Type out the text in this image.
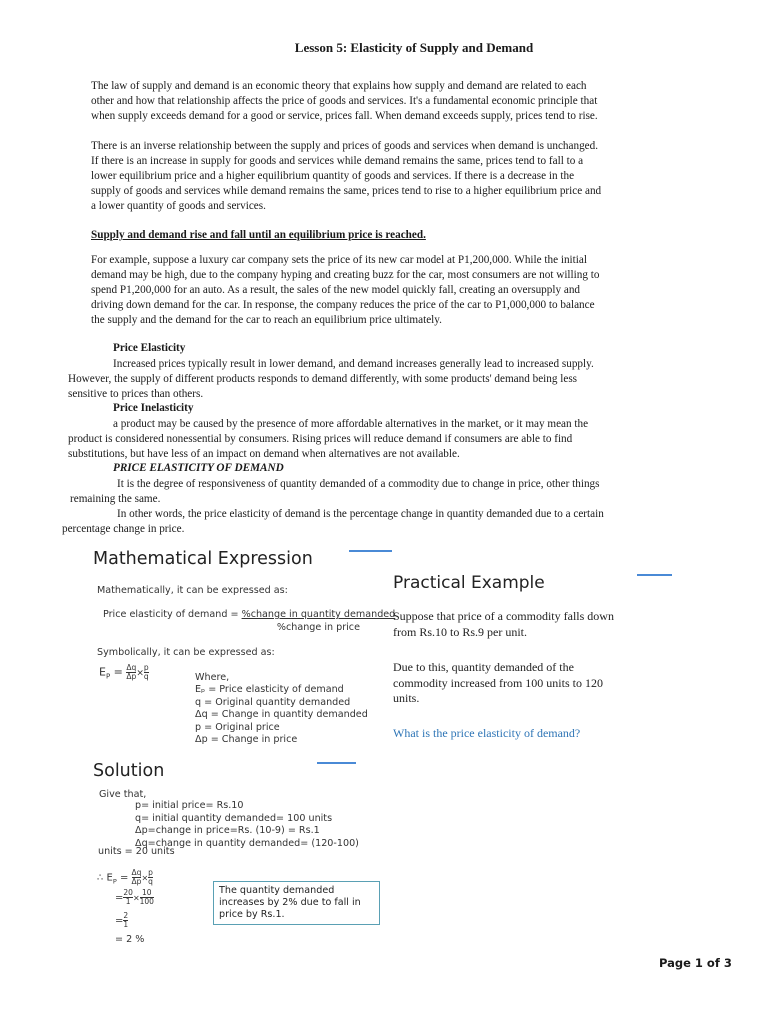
Lesson 5: Elasticity of Supply and Demand
The law of supply and demand is an economic theory that explains how supply and demand are related to each
other and how that relationship affects the price of goods and services. It's a fundamental economic principle that
when supply exceeds demand for a good or service, prices fall. When demand exceeds supply, prices tend to rise.
There is an inverse relationship between the supply and prices of goods and services when demand is unchanged.
If there is an increase in supply for goods and services while demand remains the same, prices tend to fall to a
lower equilibrium price and a higher equilibrium quantity of goods and services. If there is a decrease in the
supply of goods and services while demand remains the same, prices tend to rise to a higher equilibrium price and
a lower quantity of goods and services.
Supply and demand rise and fall until an equilibrium price is reached.
For example, suppose a luxury car company sets the price of its new car model at P1,200,000. While the initial
demand may be high, due to the company hyping and creating buzz for the car, most consumers are not willing to
spend P1,200,000 for an auto. As a result, the sales of the new model quickly fall, creating an oversupply and
driving down demand for the car. In response, the company reduces the price of the car to P1,000,000 to balance
the supply and the demand for the car to reach an equilibrium price ultimately.
Price Elasticity
Increased prices typically result in lower demand, and demand increases generally lead to increased supply.
However, the supply of different products responds to demand differently, with some products' demand being less
sensitive to prices than others.
Price Inelasticity
a product may be caused by the presence of more affordable alternatives in the market, or it may mean the
product is considered nonessential by consumers. Rising prices will reduce demand if consumers are able to find
substitutions, but have less of an impact on demand when alternatives are not available.
PRICE ELASTICITY OF DEMAND
It is the degree of responsiveness of quantity demanded of a commodity due to change in price, other things
remaining the same.
In other words, the price elasticity of demand is the percentage change in quantity demanded due to a certain
percentage change in price.
Mathematical Expression
Mathematically, it can be expressed as:
Price elasticity of demand = %change in quantity demanded
%change in price
Symbolically, it can be expressed as:
$E_P = \frac{\Delta q}{\Delta p} \times \frac{p}{q}$	Where,
Eₚ = Price elasticity of demand
q = Original quantity demanded
Δq = Change in quantity demanded
p = Original price
Δp = Change in price
Practical Example
Suppose that price of a commodity falls down
from Rs.10 to Rs.9 per unit.
Due to this, quantity demanded of the
commodity increased from 100 units to 120
units.
What is the price elasticity of demand?
Solution
Give that,
p= initial price= Rs.10
q= initial quantity demanded= 100 units
Δp=change in price=Rs. (10-9) = Rs.1
Δq=change in quantity demanded= (120-100)
units = 20 units
∴ $E_P = \frac{\Delta q}{\Delta p} \times \frac{p}{q}$
= $\frac{20}{1} \times \frac{10}{100}$
= $\frac{2}{1}$
= 2 %
The quantity demanded
increases by 2% due to fall in
price by Rs.1.
Page 1 of 3
